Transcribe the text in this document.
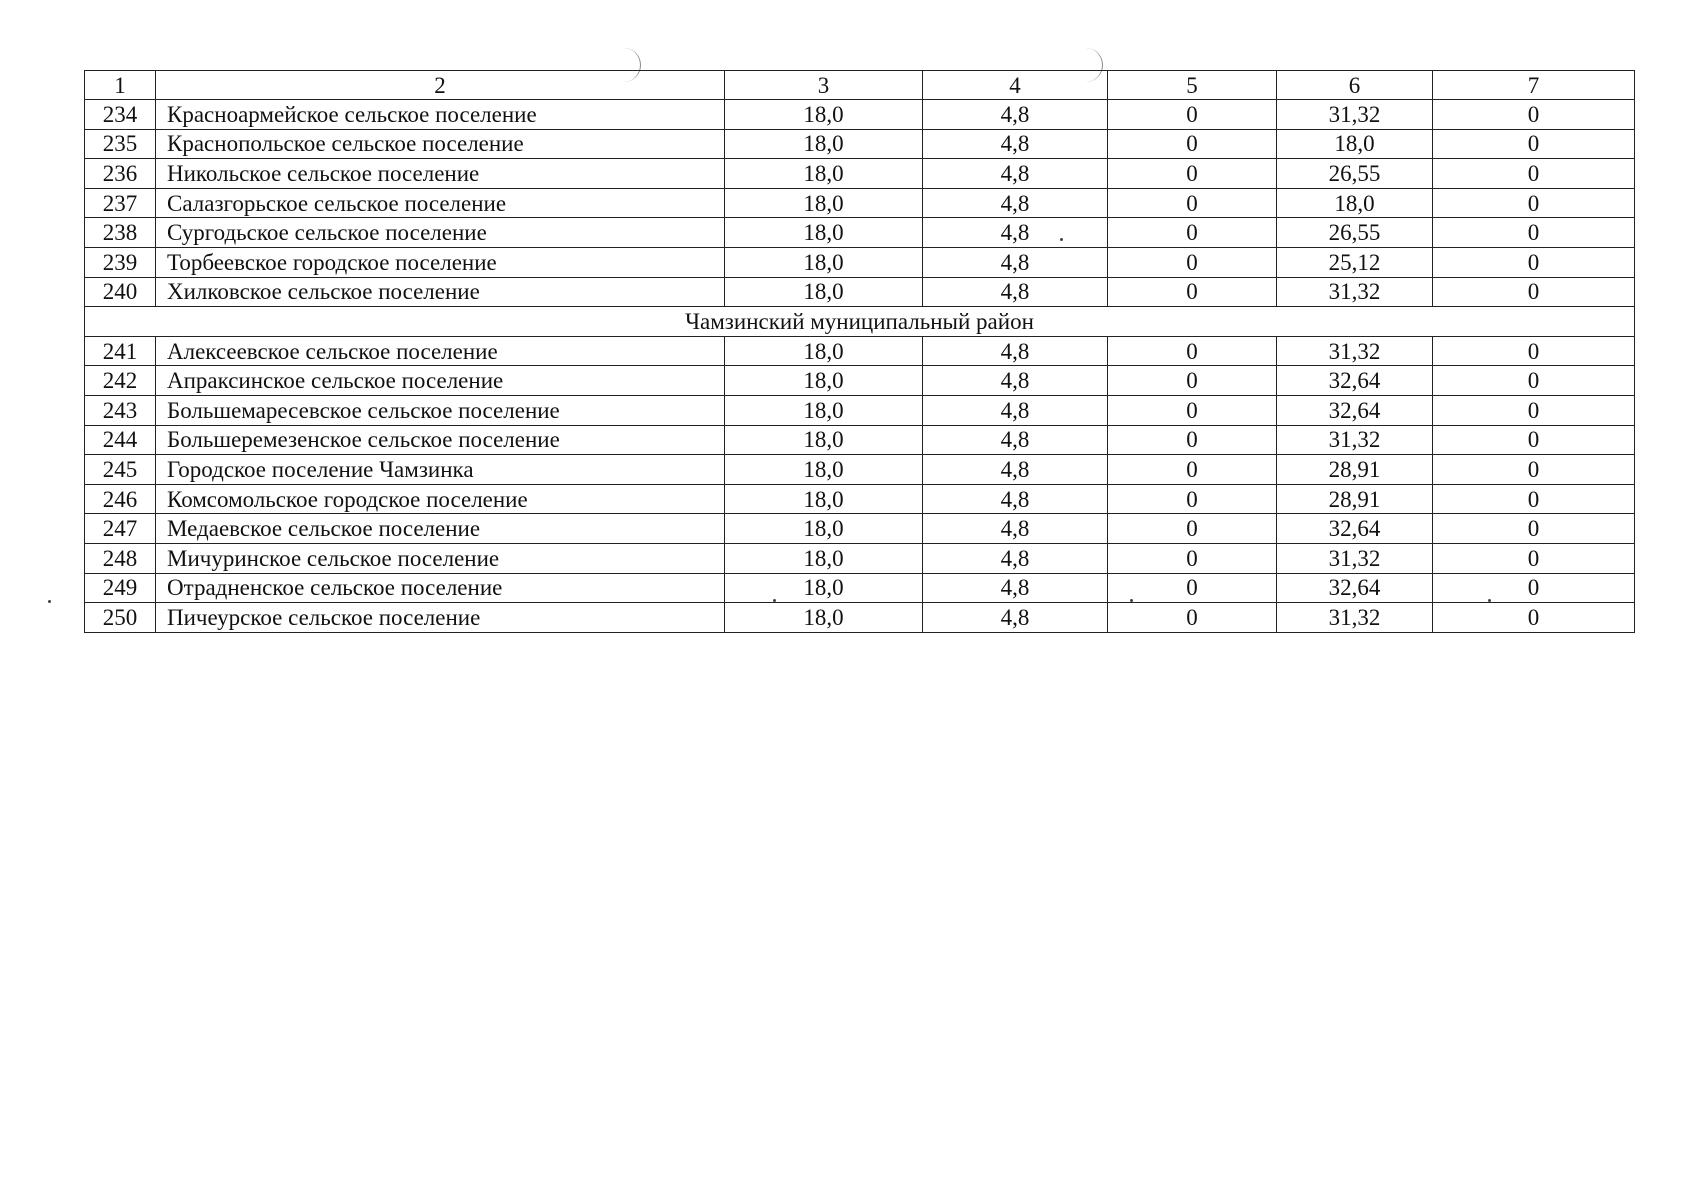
1	2	3	4	5	6	7
234	Красноармейское сельское поселение	18,0	4,8	0	31,32	0
235	Краснопольское сельское поселение	18,0	4,8	0	18,0	0
236	Никольское сельское поселение	18,0	4,8	0	26,55	0
237	Салазгорьское сельское поселение	18,0	4,8	0	18,0	0
238	Сургодьское сельское поселение	18,0	4,8	0	26,55	0
239	Торбеевское городское поселение	18,0	4,8	0	25,12	0
240	Хилковское сельское поселение	18,0	4,8	0	31,32	0
Чамзинский муниципальный район						
241	Алексеевское сельское поселение	18,0	4,8	0	31,32	0
242	Апраксинское сельское поселение	18,0	4,8	0	32,64	0
243	Большемаресевское сельское поселение	18,0	4,8	0	32,64	0
244	Большеремезенское сельское поселение	18,0	4,8	0	31,32	0
245	Городское поселение Чамзинка	18,0	4,8	0	28,91	0
246	Комсомольское городское поселение	18,0	4,8	0	28,91	0
247	Медаевское сельское поселение	18,0	4,8	0	32,64	0
248	Мичуринское сельское поселение	18,0	4,8	0	31,32	0
249	Отрадненское сельское поселение	18,0	4,8	0	32,64	0
250	Пичеурское сельское поселение	18,0	4,8	0	31,32	0
